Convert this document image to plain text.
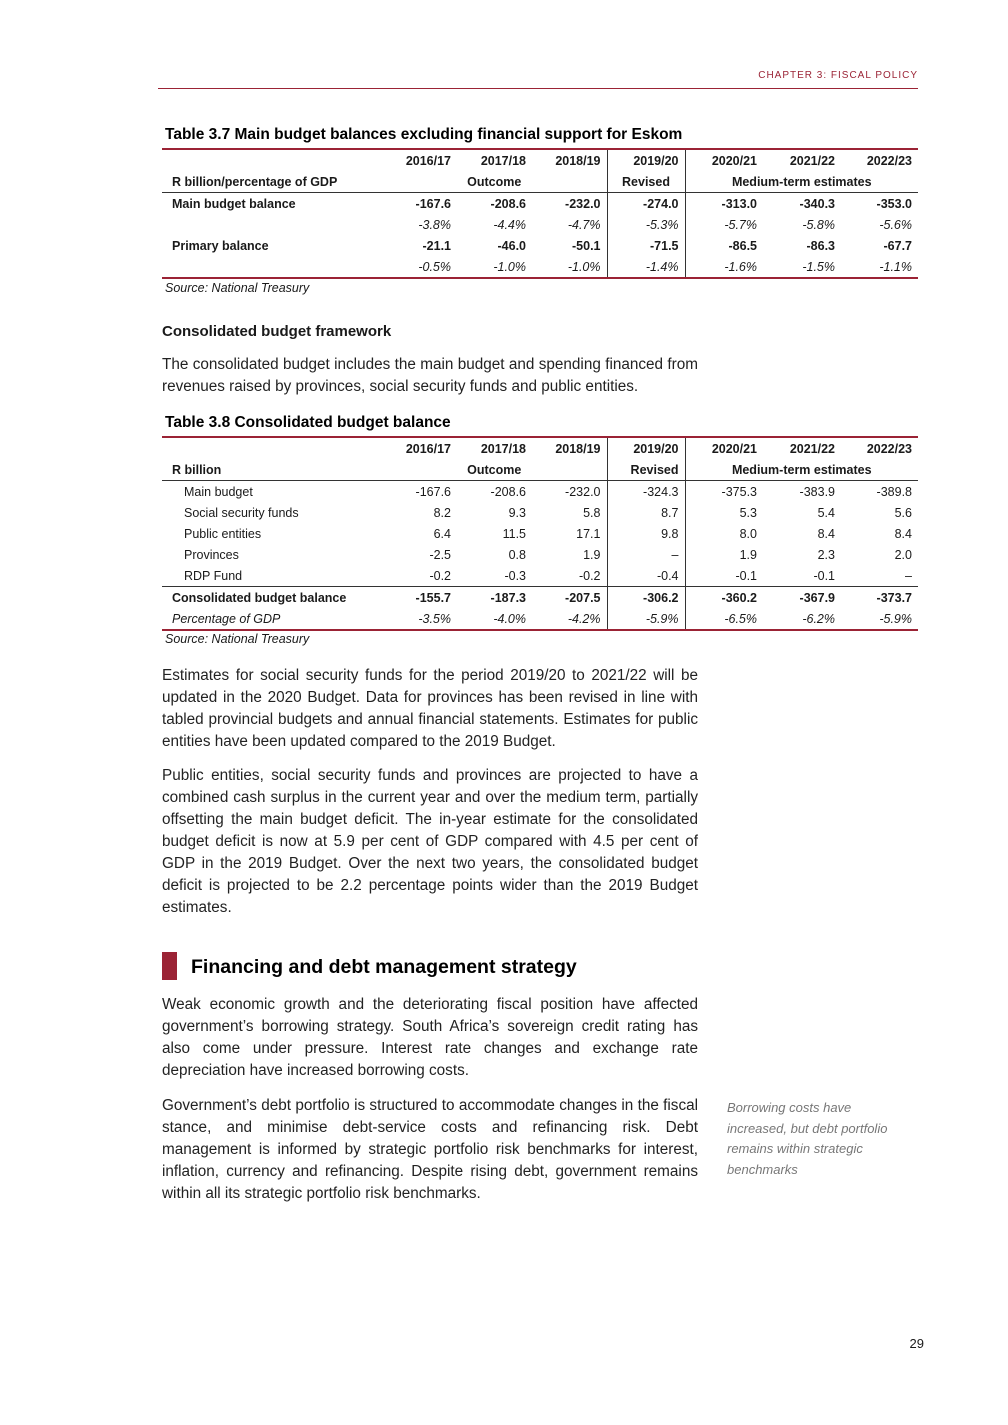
CHAPTER 3: FISCAL POLICY
Table 3.7 Main budget balances excluding financial support for Eskom
	2016/17	2017/18	2018/19	2019/20	2020/21	2021/22	2022/23
R billion/percentage of GDP	Outcome			Revised	Medium-term estimates		
Main budget balance	-167.6	-208.6	-232.0	-274.0	-313.0	-340.3	-353.0
	-3.8%	-4.4%	-4.7%	-5.3%	-5.7%	-5.8%	-5.6%
Primary balance	-21.1	-46.0	-50.1	-71.5	-86.5	-86.3	-67.7
	-0.5%	-1.0%	-1.0%	-1.4%	-1.6%	-1.5%	-1.1%
Source: National Treasury
Consolidated budget framework
The consolidated budget includes the main budget and spending financed from revenues raised by provinces, social security funds and public entities.
Table 3.8 Consolidated budget balance
	2016/17	2017/18	2018/19	2019/20	2020/21	2021/22	2022/23
R billion	Outcome			Revised	Medium-term estimates		
Main budget	-167.6	-208.6	-232.0	-324.3	-375.3	-383.9	-389.8
Social security funds	8.2	9.3	5.8	8.7	5.3	5.4	5.6
Public entities	6.4	11.5	17.1	9.8	8.0	8.4	8.4
Provinces	-2.5	0.8	1.9	–	1.9	2.3	2.0
RDP Fund	-0.2	-0.3	-0.2	-0.4	-0.1	-0.1	–
Consolidated budget balance	-155.7	-187.3	-207.5	-306.2	-360.2	-367.9	-373.7
Percentage of GDP	-3.5%	-4.0%	-4.2%	-5.9%	-6.5%	-6.2%	-5.9%
Source: National Treasury
Estimates for social security funds for the period 2019/20 to 2021/22 will be updated in the 2020 Budget. Data for provinces has been revised in line with tabled provincial budgets and annual financial statements. Estimates for public entities have been updated compared to the 2019 Budget.
Public entities, social security funds and provinces are projected to have a combined cash surplus in the current year and over the medium term, partially offsetting the main budget deficit. The in-year estimate for the consolidated budget deficit is now at 5.9 per cent of GDP compared with 4.5 per cent of GDP in the 2019 Budget. Over the next two years, the consolidated budget deficit is projected to be 2.2 percentage points wider than the 2019 Budget estimates.
Financing and debt management strategy
Weak economic growth and the deteriorating fiscal position have affected government’s borrowing strategy. South Africa’s sovereign credit rating has also come under pressure. Interest rate changes and exchange rate depreciation have increased borrowing costs.
Government’s debt portfolio is structured to accommodate changes in the fiscal stance, and minimise debt-service costs and refinancing risk. Debt management is informed by strategic portfolio risk benchmarks for interest, inflation, currency and refinancing. Despite rising debt, government remains within all its strategic portfolio risk benchmarks.
Borrowing costs have increased, but debt portfolio remains within strategic benchmarks
29
